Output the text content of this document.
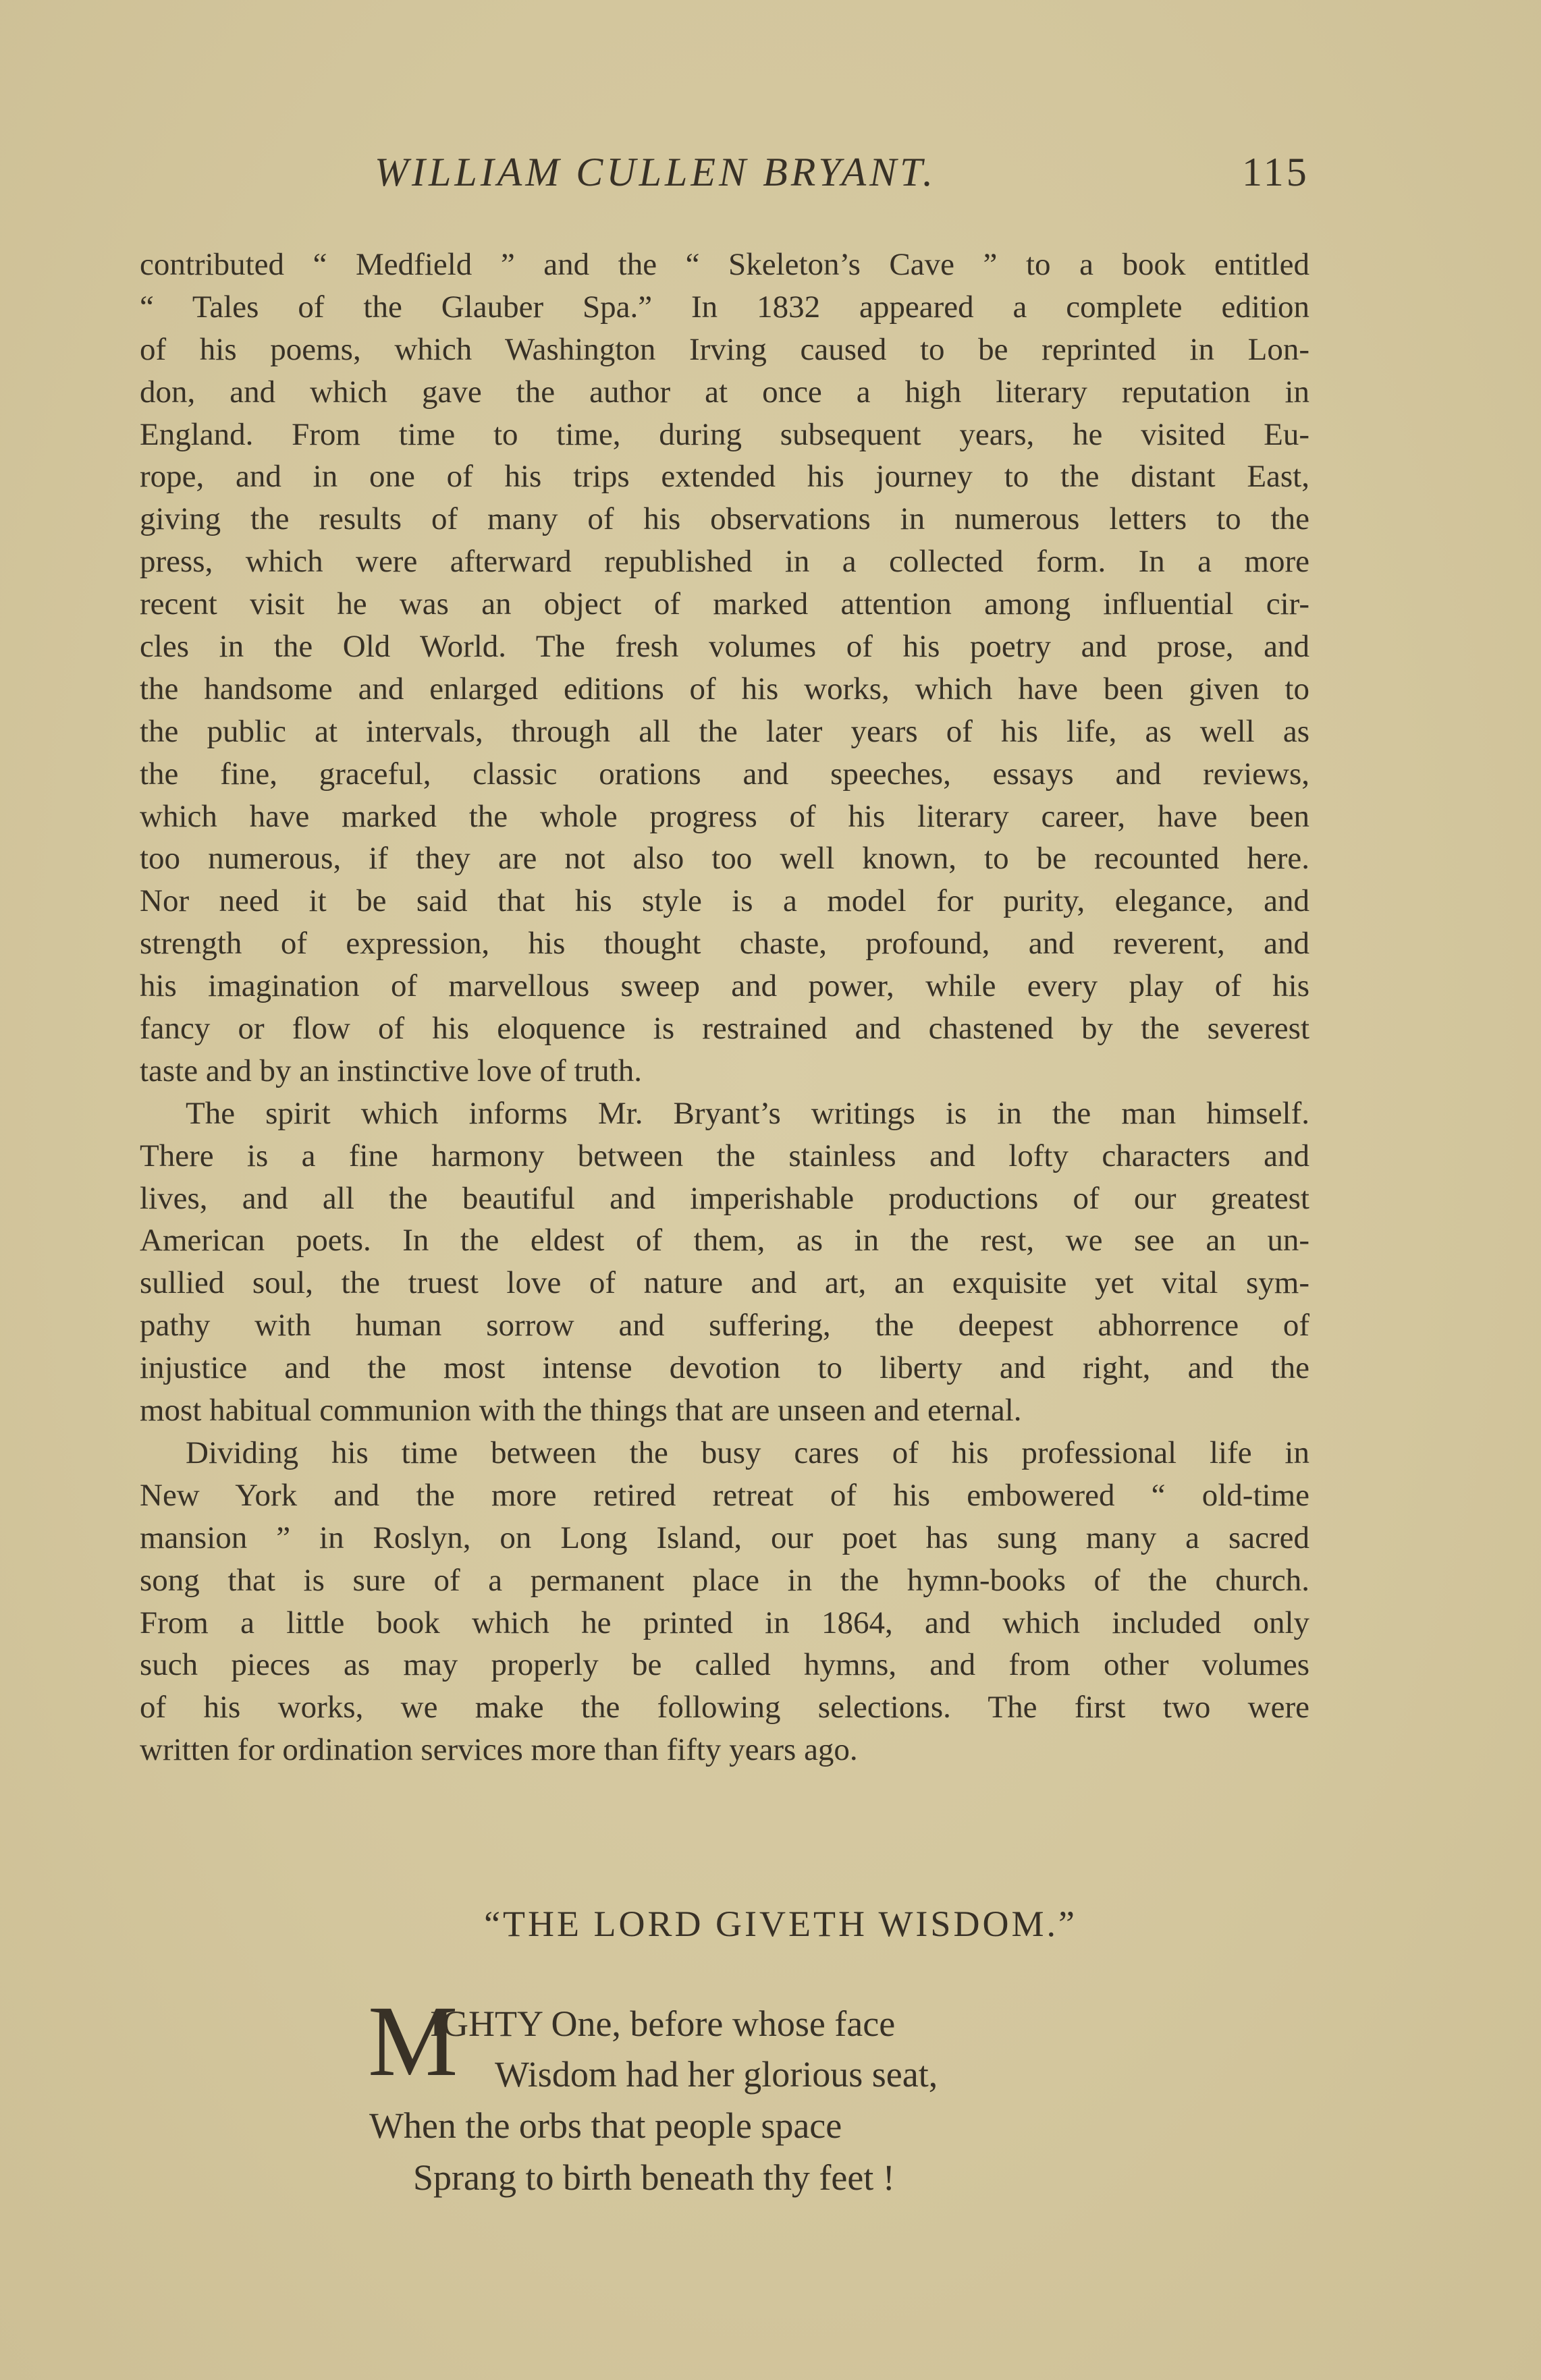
WILLIAM CULLEN BRYANT.	115
contributed “ Medfield ” and the “ Skeleton’s Cave ” to a book entitled
“ Tales of the Glauber Spa.” In 1832 appeared a complete edition
of his poems, which Washington Irving caused to be reprinted in Lon-
don, and which gave the author at once a high literary reputation in
England. From time to time, during subsequent years, he visited Eu-
rope, and in one of his trips extended his journey to the distant East,
giving the results of many of his observations in numerous letters to the
press, which were afterward republished in a collected form. In a more
recent visit he was an object of marked attention among influential cir-
cles in the Old World. The fresh volumes of his poetry and prose, and
the handsome and enlarged editions of his works, which have been given to
the public at intervals, through all the later years of his life, as well as
the fine, graceful, classic orations and speeches, essays and reviews,
which have marked the whole progress of his literary career, have been
too numerous, if they are not also too well known, to be recounted here.
Nor need it be said that his style is a model for purity, elegance, and
strength of expression, his thought chaste, profound, and reverent, and
his imagination of marvellous sweep and power, while every play of his
fancy or flow of his eloquence is restrained and chastened by the severest
taste and by an instinctive love of truth.
The spirit which informs Mr. Bryant’s writings is in the man himself.
There is a fine harmony between the stainless and lofty characters and
lives, and all the beautiful and imperishable productions of our greatest
American poets. In the eldest of them, as in the rest, we see an un-
sullied soul, the truest love of nature and art, an exquisite yet vital sym-
pathy with human sorrow and suffering, the deepest abhorrence of
injustice and the most intense devotion to liberty and right, and the
most habitual communion with the things that are unseen and eternal.
Dividing his time between the busy cares of his professional life in
New York and the more retired retreat of his embowered “ old-time
mansion ” in Roslyn, on Long Island, our poet has sung many a sacred
song that is sure of a permanent place in the hymn-books of the church.
From a little book which he printed in 1864, and which included only
such pieces as may properly be called hymns, and from other volumes
of his works, we make the following selections. The first two were
written for ordination services more than fifty years ago.
“THE LORD GIVETH WISDOM.”
M
IGHTY One, before whose face
Wisdom had her glorious seat,
When the orbs that people space
Sprang to birth beneath thy feet !
